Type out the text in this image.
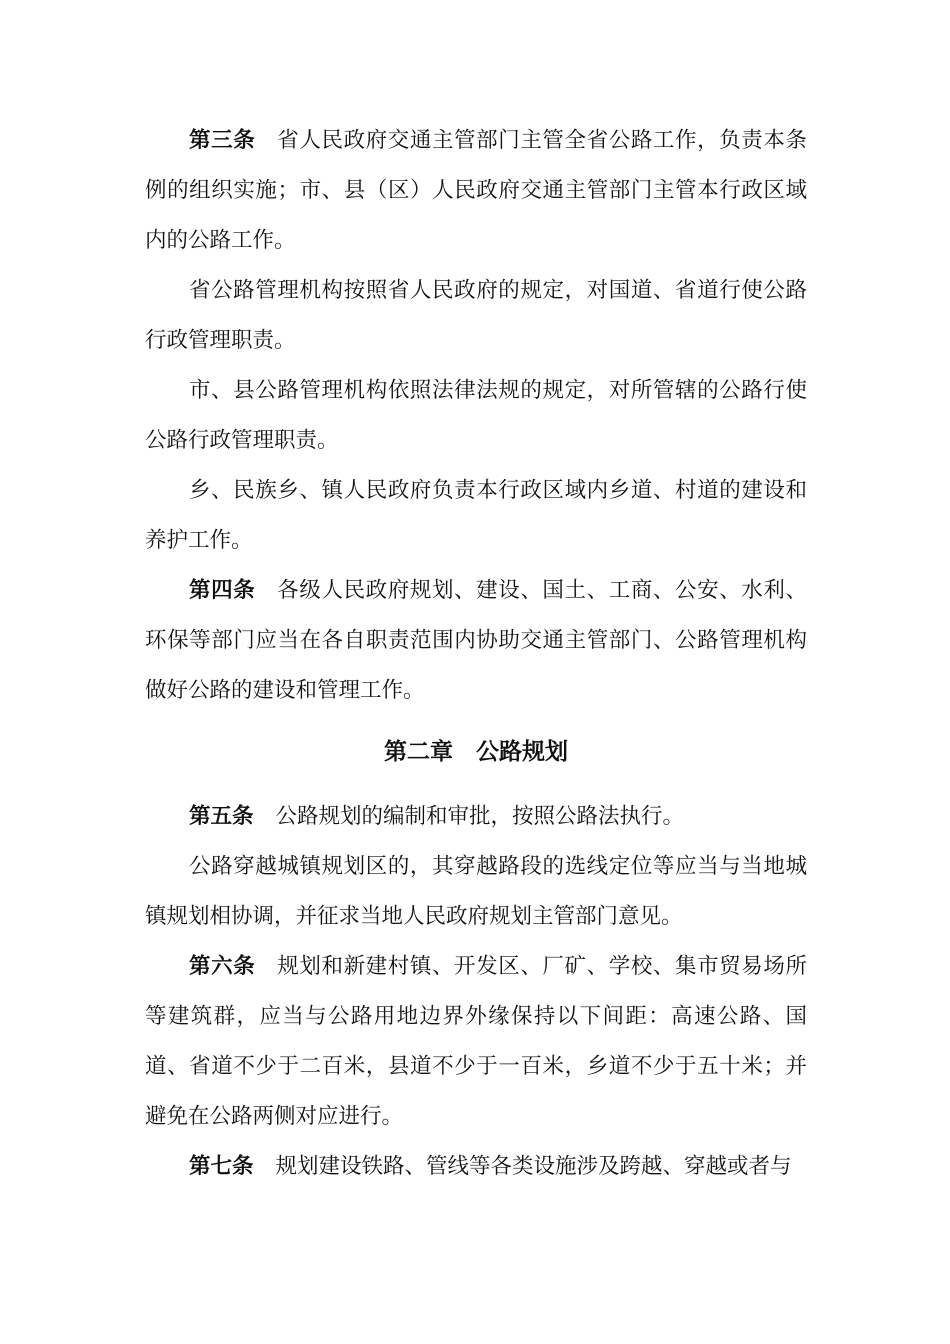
第三条 省人民政府交通主管部门主管全省公路工作，负责本条例的组织实施；市、县（区）人民政府交通主管部门主管本行政区域内的公路工作。

省公路管理机构按照省人民政府的规定，对国道、省道行使公路行政管理职责。

市、县公路管理机构依照法律法规的规定，对所管辖的公路行使公路行政管理职责。

乡、民族乡、镇人民政府负责本行政区域内乡道、村道的建设和养护工作。

第四条 各级人民政府规划、建设、国土、工商、公安、水利、环保等部门应当在各自职责范围内协助交通主管部门、公路管理机构做好公路的建设和管理工作。

第二章　公路规划

第五条 公路规划的编制和审批，按照公路法执行。

公路穿越城镇规划区的，其穿越路段的选线定位等应当与当地城镇规划相协调，并征求当地人民政府规划主管部门意见。

第六条 规划和新建村镇、开发区、厂矿、学校、集市贸易场所等建筑群，应当与公路用地边界外缘保持以下间距：高速公路、国道、省道不少于二百米，县道不少于一百米，乡道不少于五十米；并避免在公路两侧对应进行。

第七条 规划建设铁路、管线等各类设施涉及跨越、穿越或者与
